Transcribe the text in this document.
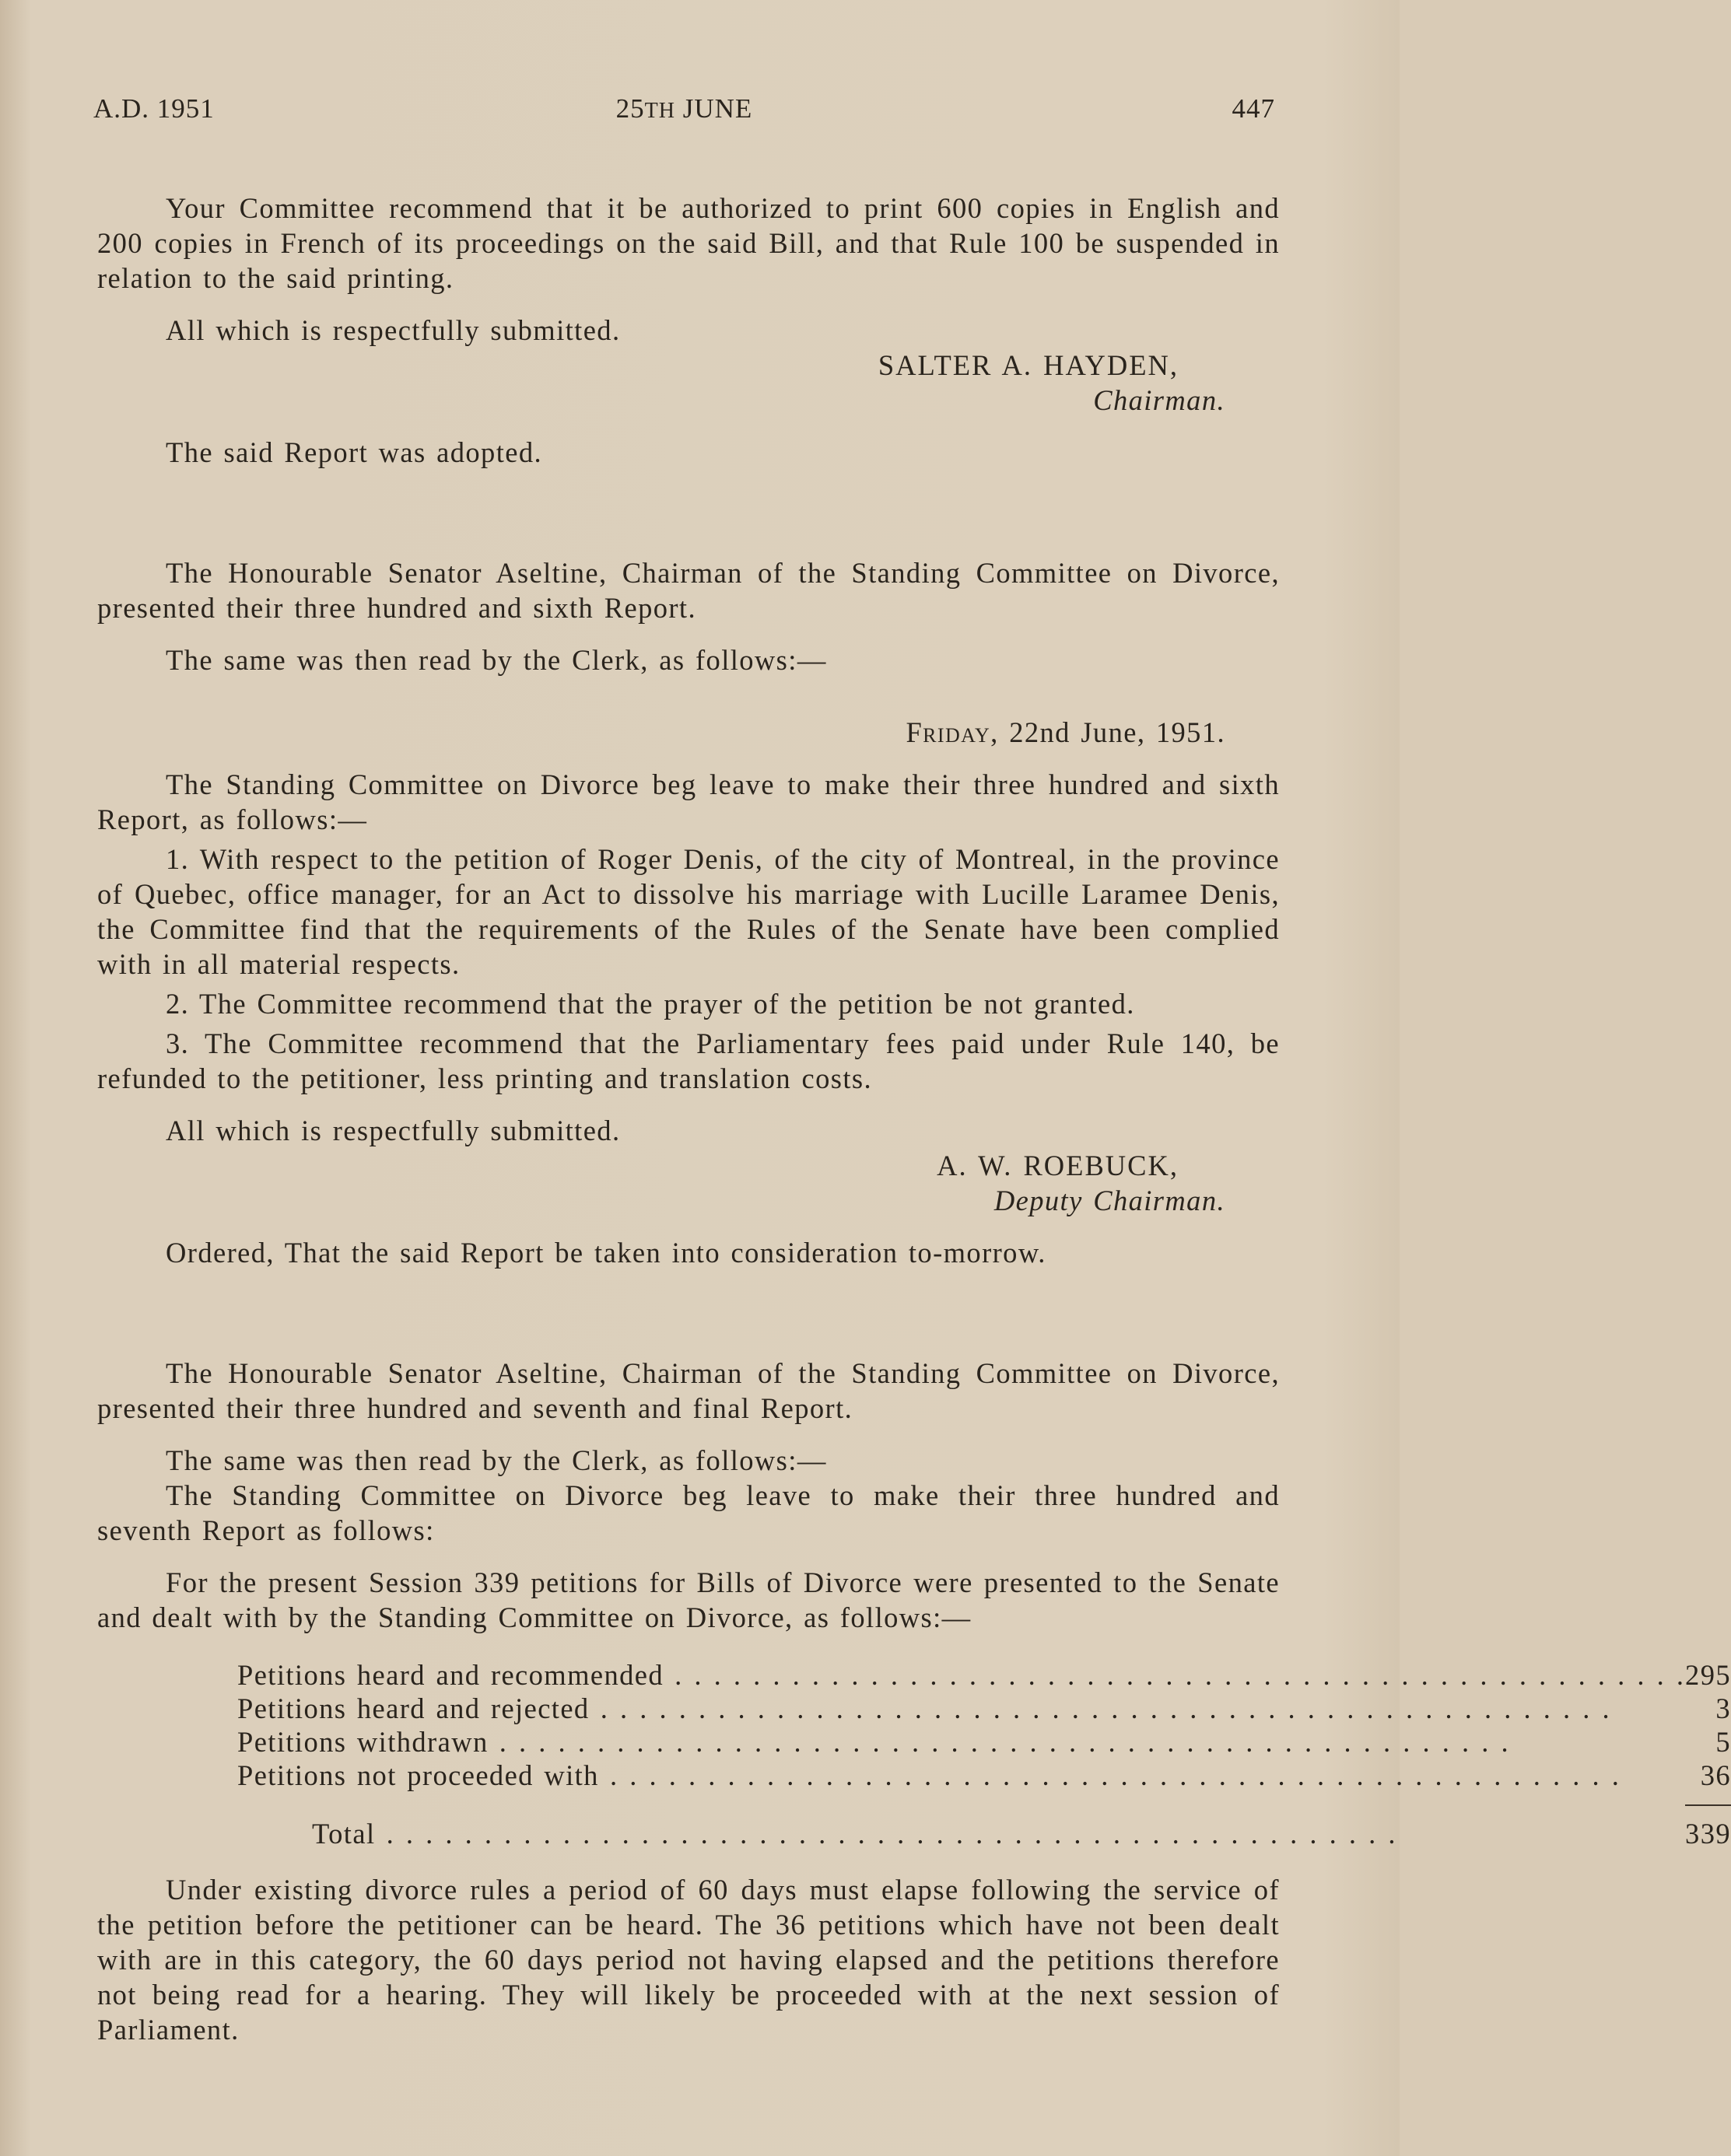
A.D. 1951	25TH JUNE	447

Your Committee recommend that it be authorized to print 600 copies in English and 200 copies in French of its proceedings on the said Bill, and that Rule 100 be suspended in relation to the said printing.

All which is respectfully submitted.

SALTER A. HAYDEN,
Chairman.

The said Report was adopted.

The Honourable Senator Aseltine, Chairman of the Standing Committee on Divorce, presented their three hundred and sixth Report.

The same was then read by the Clerk, as follows:—

Friday, 22nd June, 1951.

The Standing Committee on Divorce beg leave to make their three hundred and sixth Report, as follows:—

1. With respect to the petition of Roger Denis, of the city of Montreal, in the province of Quebec, office manager, for an Act to dissolve his marriage with Lucille Laramee Denis, the Committee find that the requirements of the Rules of the Senate have been complied with in all material respects.

2. The Committee recommend that the prayer of the petition be not granted.

3. The Committee recommend that the Parliamentary fees paid under Rule 140, be refunded to the petitioner, less printing and translation costs.

All which is respectfully submitted.

A. W. ROEBUCK,
Deputy Chairman.

Ordered, That the said Report be taken into consideration to-morrow.

The Honourable Senator Aseltine, Chairman of the Standing Committee on Divorce, presented their three hundred and seventh and final Report.

The same was then read by the Clerk, as follows:—

The Standing Committee on Divorce beg leave to make their three hundred and seventh Report as follows:

For the present Session 339 petitions for Bills of Divorce were presented to the Senate and dealt with by the Standing Committee on Divorce, as follows:—

Petitions heard and recommended . . .	295
Petitions heard and rejected . . .	3
Petitions withdrawn . . .	5
Petitions not proceeded with . . .	36

Total . . .	339

Under existing divorce rules a period of 60 days must elapse following the service of the petition before the petitioner can be heard. The 36 petitions which have not been dealt with are in this category, the 60 days period not having elapsed and the petitions therefore not being read for a hearing. They will likely be proceeded with at the next session of Parliament.
